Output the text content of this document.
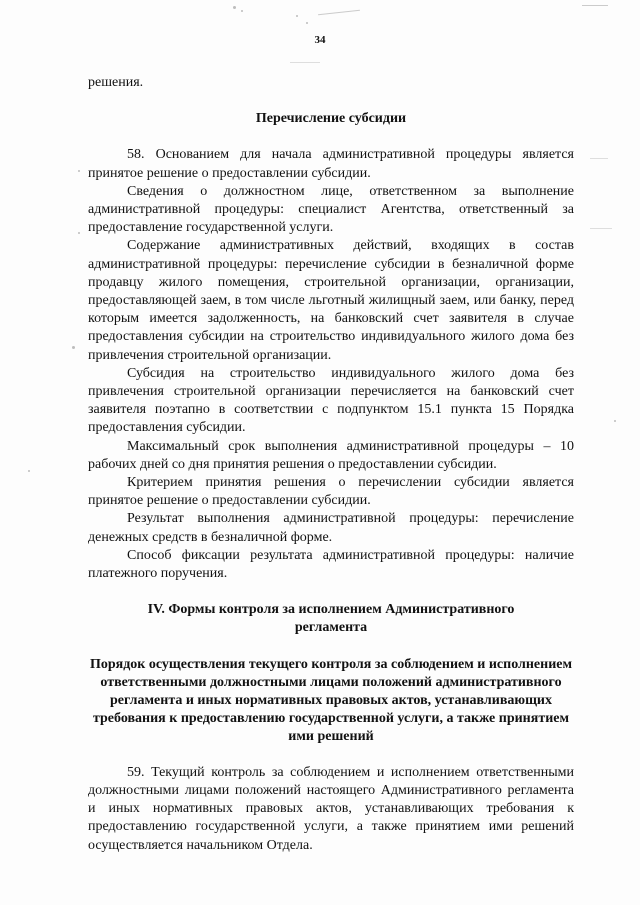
34

решения.

Перечисление субсидии

58. Основанием для начала административной процедуры является принятое решение о предоставлении субсидии.

Сведения о должностном лице, ответственном за выполнение административной процедуры: специалист Агентства, ответственный за предоставление государственной услуги.

Содержание административных действий, входящих в состав административной процедуры: перечисление субсидии в безналичной форме продавцу жилого помещения, строительной организации, организации, предоставляющей заем, в том числе льготный жилищный заем, или банку, перед которым имеется задолженность, на банковский счет заявителя в случае предоставления субсидии на строительство индивидуального жилого дома без привлечения строительной организации.

Субсидия на строительство индивидуального жилого дома без привлечения строительной организации перечисляется на банковский счет заявителя поэтапно в соответствии с подпунктом 15.1 пункта 15 Порядка предоставления субсидии.

Максимальный срок выполнения административной процедуры – 10 рабочих дней со дня принятия решения о предоставлении субсидии.

Критерием принятия решения о перечислении субсидии является принятое решение о предоставлении субсидии.

Результат выполнения административной процедуры: перечисление денежных средств в безналичной форме.

Способ фиксации результата административной процедуры: наличие платежного поручения.

IV. Формы контроля за исполнением Административного регламента

Порядок осуществления текущего контроля за соблюдением и исполнением ответственными должностными лицами положений административного регламента и иных нормативных правовых актов, устанавливающих требования к предоставлению государственной услуги, а также принятием ими решений

59. Текущий контроль за соблюдением и исполнением ответственными должностными лицами положений настоящего Административного регламента и иных нормативных правовых актов, устанавливающих требования к предоставлению государственной услуги, а также принятием ими решений осуществляется начальником Отдела.
